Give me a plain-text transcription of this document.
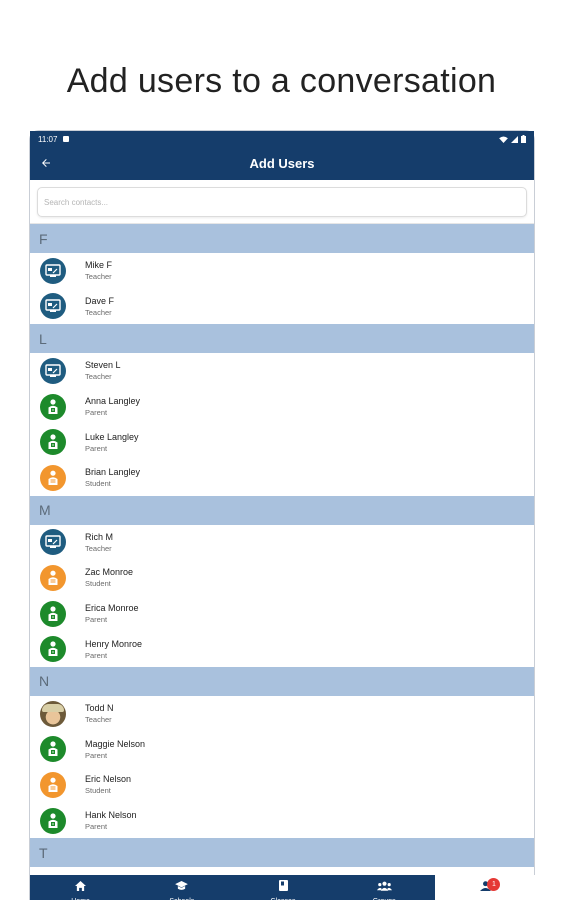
Add users to a conversation
11:07
Add Users
Search contacts...
F
Mike F
Teacher
Dave F
Teacher
L
Steven L
Teacher
Anna Langley
Parent
Luke Langley
Parent
Brian Langley
Student
M
Rich M
Teacher
Zac Monroe
Student
Erica Monroe
Parent
Henry Monroe
Parent
N
Todd N
Teacher
Maggie Nelson
Parent
Eric Nelson
Student
Hank Nelson
Parent
T
Home	Schools	Classes	Groups
1
